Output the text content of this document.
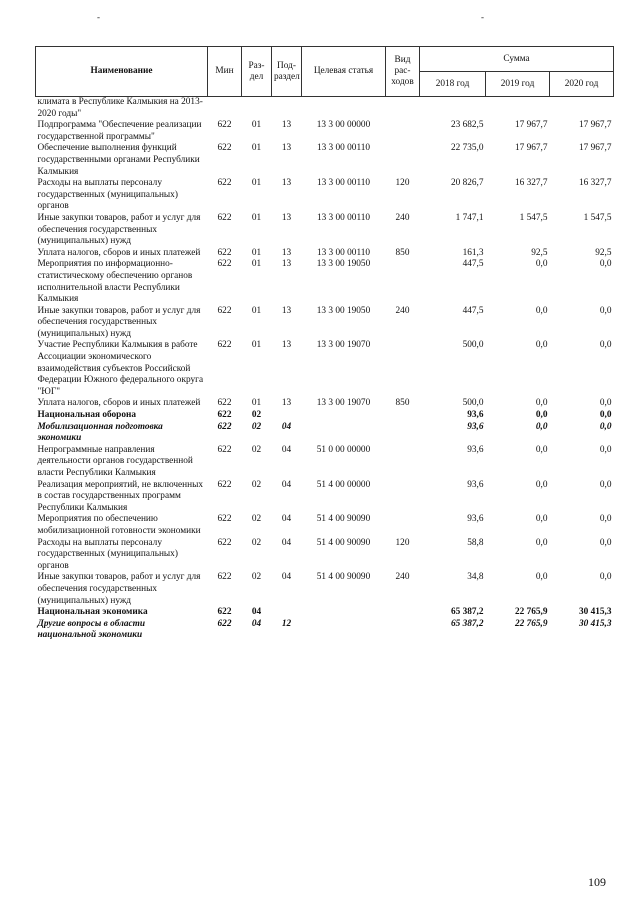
-	-
Наименование	Мин	Раз-дел	Под-раздел	Целевая статья	Вид рас-ходов	Сумма		
						2018 год	2019 год	2020 год
климата в Республике Калмыкия на 2013-2020 годы"								
Подпрограмма "Обеспечение реализации государственной программы"	622	01	13	13 3 00 00000		23 682,5	17 967,7	17 967,7
Обеспечение выполнения функций государственными органами Республики Калмыкия	622	01	13	13 3 00 00110		22 735,0	17 967,7	17 967,7
Расходы на выплаты персоналу государственных (муниципальных) органов	622	01	13	13 3 00 00110	120	20 826,7	16 327,7	16 327,7
Иные закупки товаров, работ и услуг для обеспечения государственных (муниципальных) нужд	622	01	13	13 3 00 00110	240	1 747,1	1 547,5	1 547,5
Уплата налогов, сборов и иных платежей	622	01	13	13 3 00 00110	850	161,3	92,5	92,5
Мероприятия по информационно-статистическому обеспечению органов исполнительной власти Республики Калмыкия	622	01	13	13 3 00 19050		447,5	0,0	0,0
Иные закупки товаров, работ и услуг для обеспечения государственных (муниципальных) нужд	622	01	13	13 3 00 19050	240	447,5	0,0	0,0
Участие Республики Калмыкия в работе Ассоциации экономического взаимодействия субъектов Российской Федерации Южного федерального округа "ЮГ"	622	01	13	13 3 00 19070		500,0	0,0	0,0
Уплата налогов, сборов и иных платежей	622	01	13	13 3 00 19070	850	500,0	0,0	0,0
Национальная оборона	622	02				93,6	0,0	0,0
Мобилизационная подготовка экономики	622	02	04			93,6	0,0	0,0
Непрограммные направления деятельности органов государственной власти Республики Калмыкия	622	02	04	51 0 00 00000		93,6	0,0	0,0
Реализация мероприятий, не включенных в состав государственных программ Республики Калмыкия	622	02	04	51 4 00 00000		93,6	0,0	0,0
Мероприятия по обеспечению мобилизационной готовности экономики	622	02	04	51 4 00 90090		93,6	0,0	0,0
Расходы на выплаты персоналу государственных (муниципальных) органов	622	02	04	51 4 00 90090	120	58,8	0,0	0,0
Иные закупки товаров, работ и услуг для обеспечения государственных (муниципальных) нужд	622	02	04	51 4 00 90090	240	34,8	0,0	0,0
Национальная экономика	622	04				65 387,2	22 765,9	30 415,3
Другие вопросы в области национальной экономики	622	04	12			65 387,2	22 765,9	30 415,3
109
